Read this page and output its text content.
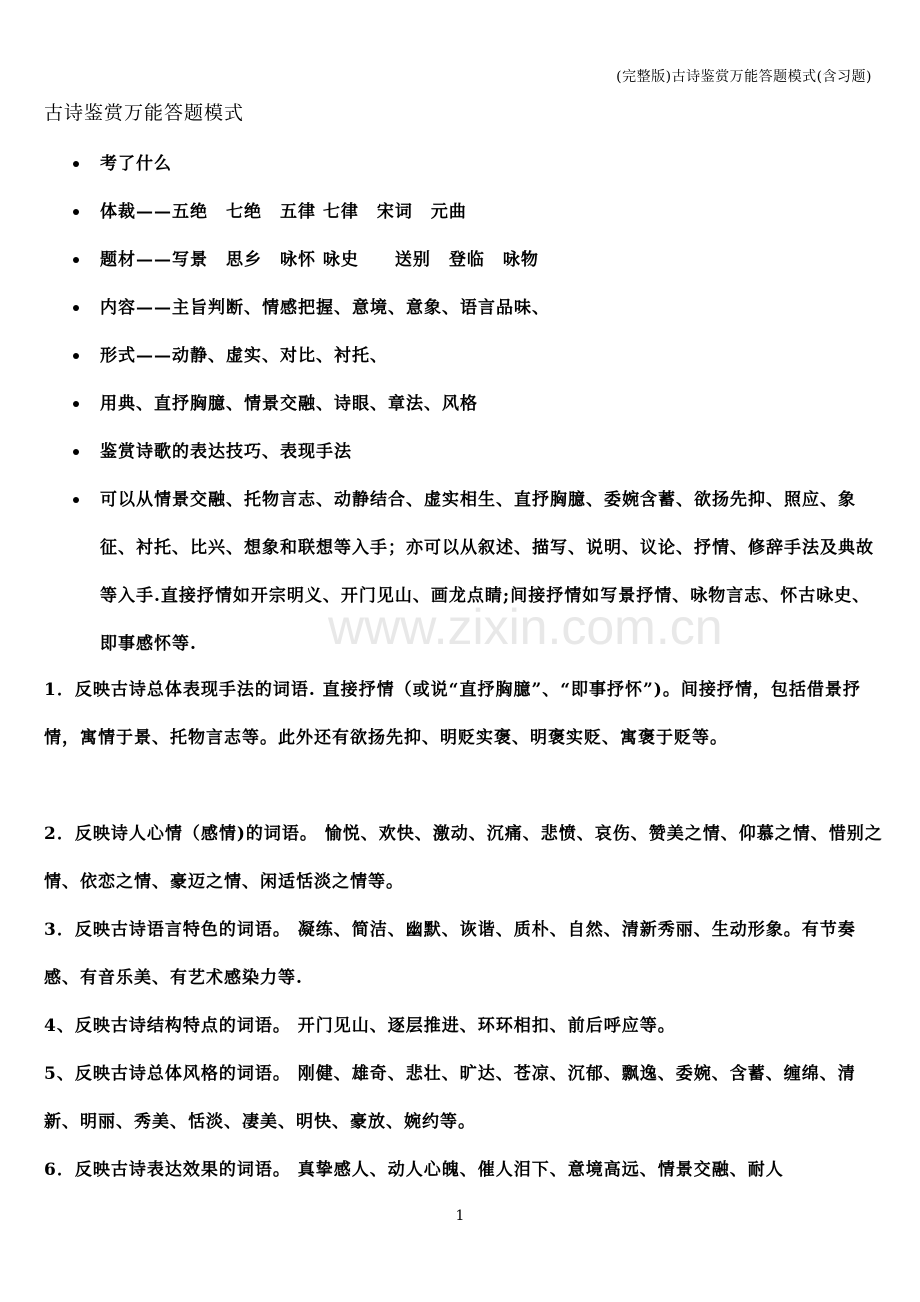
(完整版)古诗鉴赏万能答题模式(含习题)
古诗鉴赏万能答题模式
考了什么
体裁——五绝　七绝　五律 七律　宋词　元曲
题材——写景　思乡　咏怀 咏史　　送别　登临　咏物
内容——主旨判断、情感把握、意境、意象、语言品味、
形式——动静、虚实、对比、衬托、
用典、直抒胸臆、情景交融、诗眼、章法、风格
鉴赏诗歌的表达技巧、表现手法
可以从情景交融、托物言志、动静结合、虚实相生、直抒胸臆、委婉含蓄、欲扬先抑、照应、象征、衬托、比兴、想象和联想等入手；亦可以从叙述、描写、说明、议论、抒情、修辞手法及典故等入手.直接抒情如开宗明义、开门见山、画龙点睛;间接抒情如写景抒情、咏物言志、怀古咏史、即事感怀等.	www.zixin.com.cn
1．反映古诗总体表现手法的词语. 直接抒情（或说“直抒胸臆”、“即事抒怀”)。间接抒情，包括借景抒情，寓情于景、托物言志等。此外还有欲扬先抑、明贬实褒、明褒实贬、寓褒于贬等。
2．反映诗人心情（感情)的词语。 愉悦、欢快、激动、沉痛、悲愤、哀伤、赞美之情、仰慕之情、惜别之情、依恋之情、豪迈之情、闲适恬淡之情等。
3．反映古诗语言特色的词语。 凝练、简洁、幽默、诙谐、质朴、自然、清新秀丽、生动形象。有节奏感、有音乐美、有艺术感染力等.
4、反映古诗结构特点的词语。 开门见山、逐层推进、环环相扣、前后呼应等。
5、反映古诗总体风格的词语。 刚健、雄奇、悲壮、旷达、苍凉、沉郁、飘逸、委婉、含蓄、缠绵、清新、明丽、秀美、恬淡、凄美、明快、豪放、婉约等。
6．反映古诗表达效果的词语。 真挚感人、动人心魄、催人泪下、意境高远、情景交融、耐人
1
